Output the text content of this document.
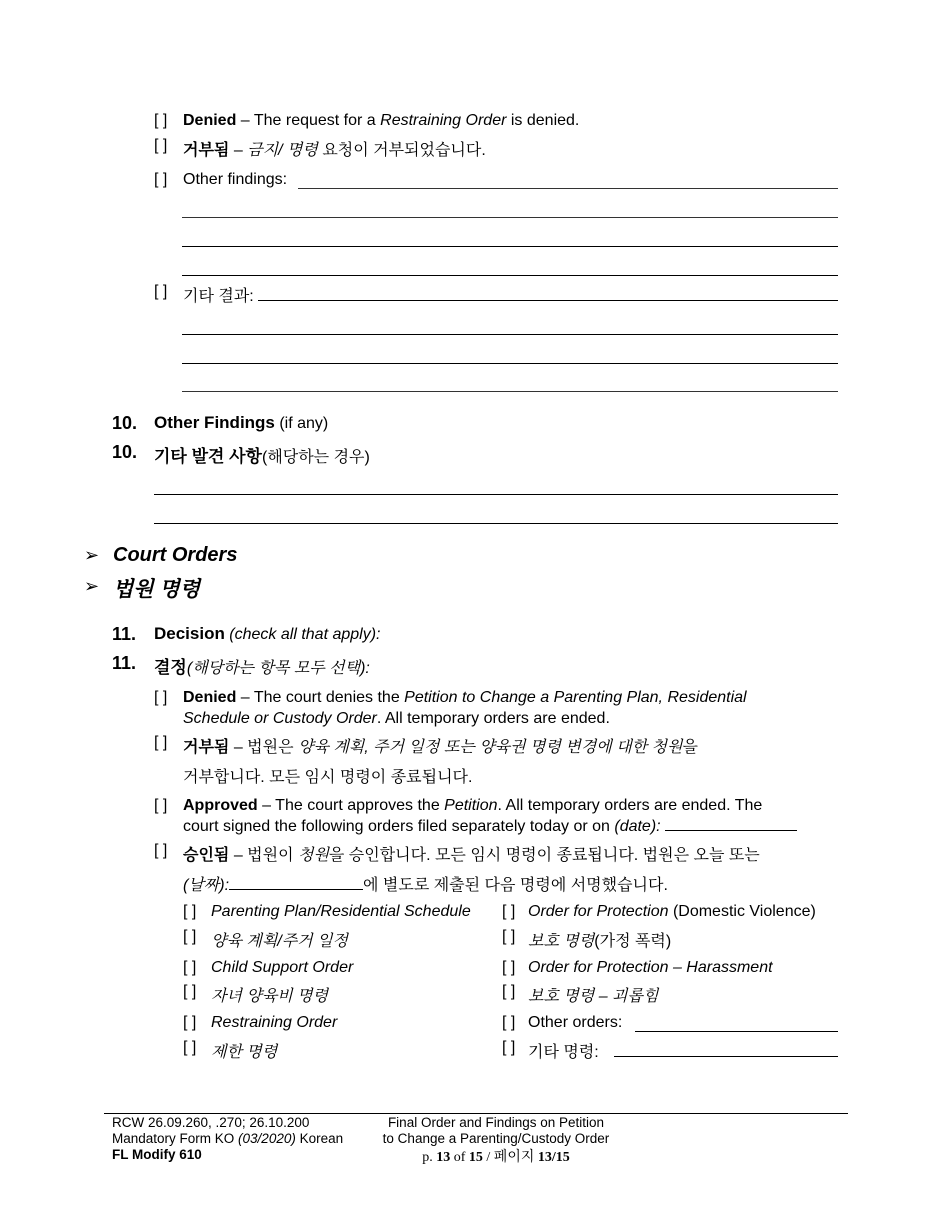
[ ] Denied – The request for a Restraining Order is denied.
[ ] 거부됨 – 금지/ 명령 요청이 거부되었습니다.
[ ] Other findings:
[ ] 기타 결과:
10. Other Findings (if any)
10. 기타 발견 사항(해당하는 경우)
➢ Court Orders
➢ 법원 명령
11. Decision (check all that apply):
11. 결정(해당하는 항목 모두 선택):
[ ] Denied – The court denies the Petition to Change a Parenting Plan, Residential
Schedule or Custody Order. All temporary orders are ended.
[ ] 거부됨 – 법원은 양육 계획, 주거 일정 또는 양육권 명령 변경에 대한 청원을
거부합니다. 모든 임시 명령이 종료됩니다.
[ ] Approved – The court approves the Petition. All temporary orders are ended. The
court signed the following orders filed separately today or on (date):
[ ] 승인됨 – 법원이 청원을 승인합니다. 모든 임시 명령이 종료됩니다. 법원은 오늘 또는
(날짜):	에 별도로 제출된 다음 명령에 서명했습니다.
[ ] Parenting Plan/Residential Schedule
[ ] 양육 계획/주거 일정
[ ] Child Support Order
[ ] 자녀 양육비 명령
[ ] Restraining Order
[ ] 제한 명령
[ ] Order for Protection (Domestic Violence)
[ ] 보호 명령(가정 폭력)
[ ] Order for Protection – Harassment
[ ] 보호 명령 – 괴롭힘
[ ] Other orders:
[ ] 기타 명령:
RCW 26.09.260, .270; 26.10.200
Mandatory Form KO (03/2020) Korean
FL Modify 610
Final Order and Findings on Petition
to Change a Parenting/Custody Order
p. 13 of 15 / 페이지 13/15
